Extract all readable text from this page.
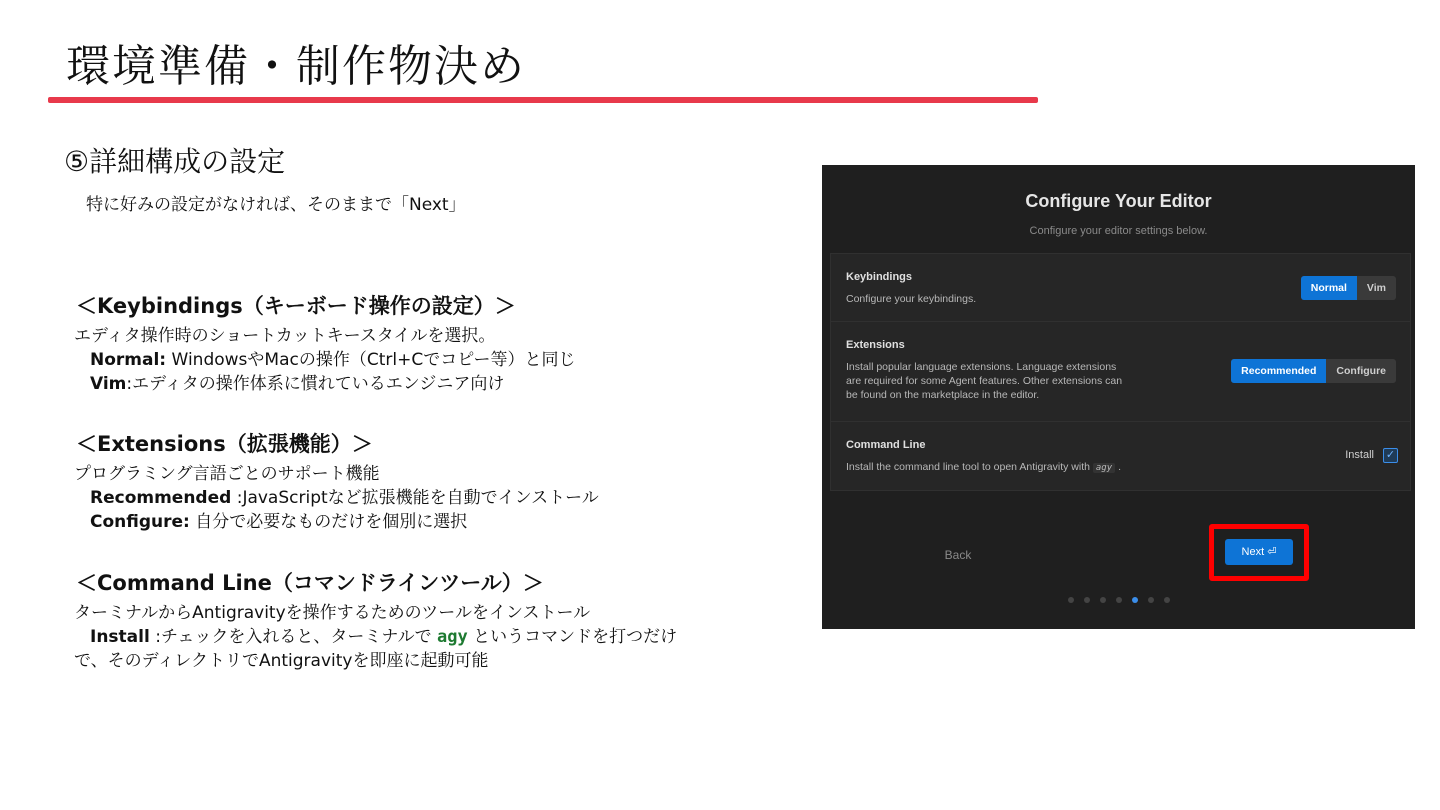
環境準備・制作物決め
⑤詳細構成の設定
特に好みの設定がなければ、そのままで「Next」
＜Keybindings（キーボード操作の設定）＞
エディタ操作時のショートカットキースタイルを選択。
Normal: WindowsやMacの操作（Ctrl+Cでコピー等）と同じ
Vim:エディタの操作体系に慣れているエンジニア向け
＜Extensions（拡張機能）＞
プログラミング言語ごとのサポート機能
Recommended :JavaScriptなど拡張機能を自動でインストール
Configure: 自分で必要なものだけを個別に選択
＜Command Line（コマンドラインツール）＞
ターミナルからAntigravityを操作するためのツールをインストール
Install :チェックを入れると、ターミナルで agy というコマンドを打つだけ
で、そのディレクトリでAntigravityを即座に起動可能
Configure Your Editor
Configure your editor settings below.
Keybindings
Configure your keybindings.
Normal	Vim
Extensions
Install popular language extensions. Language extensions
are required for some Agent features. Other extensions can
be found on the marketplace in the editor.
Recommended	Configure
Command Line
Install the command line tool to open Antigravity with agy .
Install ✓
Back	Next ⏎
